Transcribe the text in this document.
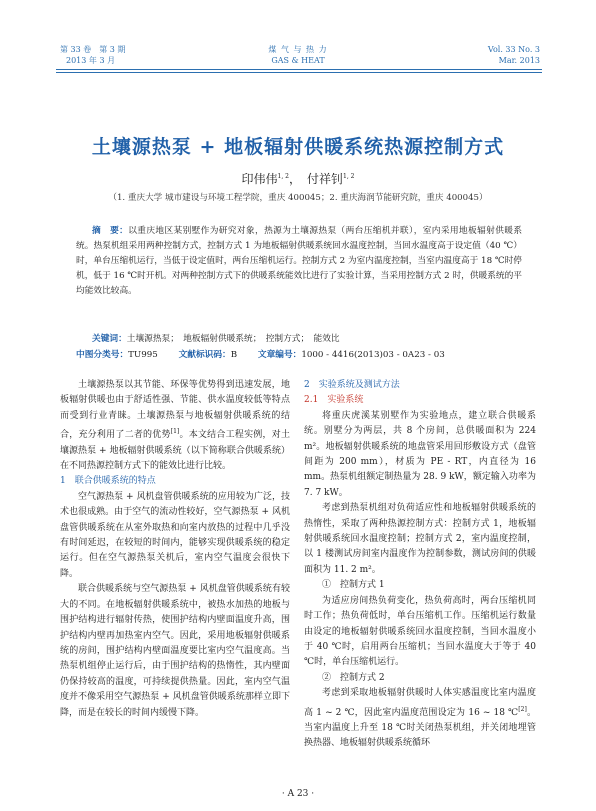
第 33 卷　第 3 期
2013 年 3 月
煤 气 与 热 力
GAS & HEAT
Vol. 33 No. 3
Mar. 2013
土壤源热泵 + 地板辐射供暖系统热源控制方式
印伟伟$^{1, 2}$，　付祥钊$^{1, 2}$
（1. 重庆大学 城市建设与环境工程学院，重庆 400045；2. 重庆海润节能研究院，重庆 400045）
摘　要：以重庆地区某别墅作为研究对象，热源为土壤源热泵（两台压缩机并联），室内采用地板辐射供暖系统。热泵机组采用两种控制方式，控制方式 1 为地板辐射供暖系统回水温度控制，当回水温度高于设定值（40 ℃）时，单台压缩机运行，当低于设定值时，两台压缩机运行。控制方式 2 为室内温度控制，当室内温度高于 18 ℃时停机，低于 16 ℃时开机。对两种控制方式下的供暖系统能效比进行了实验计算，当采用控制方式 2 时，供暖系统的平均能效比较高。
关键词：土壤源热泵；　地板辐射供暖系统；　控制方式；　能效比
中图分类号：TU995 文献标识码：B 文章编号：1000 - 4416(2013)03 - 0A23 - 03

土壤源热泵以其节能、环保等优势得到迅速发展，地板辐射供暖也由于舒适性强、节能、供水温度较低等特点而受到行业青睐。土壤源热泵与地板辐射供暖系统的结合，充分利用了二者的优势[1]。本文结合工程实例，对土壤源热泵 + 地板辐射供暖系统（以下简称联合供暖系统）在不同热源控制方式下的能效比进行比较。

1　联合供暖系统的特点

空气源热泵 + 风机盘管供暖系统的应用较为广泛，技术也很成熟。由于空气的流动性较好，空气源热泵 + 风机盘管供暖系统在从室外取热和向室内放热的过程中几乎没有时间延迟，在较短的时间内，能够实现供暖系统的稳定运行。但在空气源热泵关机后，室内空气温度会很快下降。

联合供暖系统与空气源热泵 + 风机盘管供暖系统有较大的不同。在地板辐射供暖系统中，被热水加热的地板与围护结构进行辐射传热，使围护结构内壁面温度升高，围护结构内壁再加热室内空气。因此，采用地板辐射供暖系统的房间，围护结构内壁面温度要比室内空气温度高。当热泵机组停止运行后，由于围护结构的热惰性，其内壁面仍保持较高的温度，可持续提供热量。因此，室内空气温度并不像采用空气源热泵 + 风机盘管供暖系统那样立即下降，而是在较长的时间内缓慢下降。

2　实验系统及测试方法

2.1　实验系统

将重庆虎溪某别墅作为实验地点，建立联合供暖系统。别墅分为两层，共 8 个房间，总供暖面积为 224 m²。地板辐射供暖系统的地盘管采用回形敷设方式（盘管间距为 200 mm），材质为 PE - RT，内直径为 16 mm。热泵机组额定制热量为 28. 9 kW，额定输入功率为 7. 7 kW。

考虑到热泵机组对负荷适应性和地板辐射供暖系统的热惰性，采取了两种热源控制方式：控制方式 1，地板辐射供暖系统回水温度控制；控制方式 2，室内温度控制，以 1 楼测试房间室内温度作为控制参数，测试房间的供暖面积为 11. 2 m²。

①　控制方式 1

为适应房间热负荷变化，热负荷高时，两台压缩机同时工作；热负荷低时，单台压缩机工作。压缩机运行数量由设定的地板辐射供暖系统回水温度控制，当回水温度小于 40 ℃时，启用两台压缩机；当回水温度大于等于 40 ℃时，单台压缩机运行。

②　控制方式 2

考虑到采取地板辐射供暖时人体实感温度比室内温度高 1 ~ 2 ℃，因此室内温度范围设定为 16 ~ 18 ℃[2]。当室内温度上升至 18 ℃时关闭热泵机组，并关闭地埋管换热器、地板辐射供暖系统循环

· A 23 ·
